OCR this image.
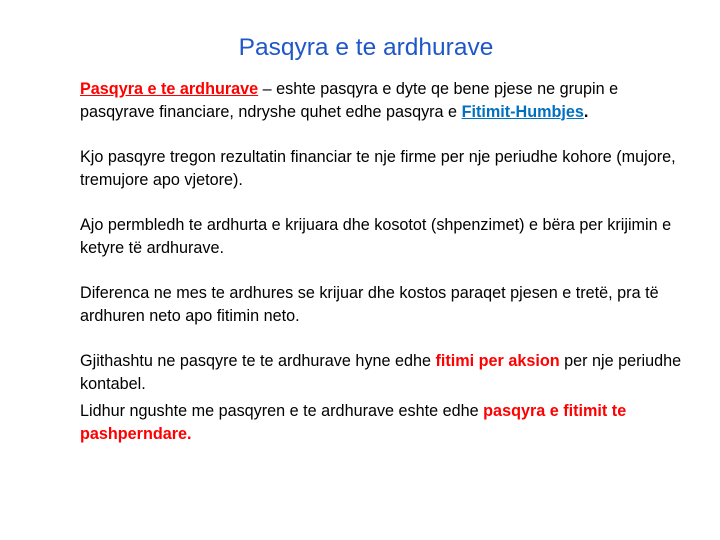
Pasqyra e te ardhurave

Pasqyra e te ardhurave – eshte pasqyra e dyte qe bene pjese ne grupin e pasqyrave financiare, ndryshe quhet edhe pasqyra e Fitimit-Humbjes.

Kjo pasqyre tregon rezultatin financiar te nje firme per nje periudhe kohore (mujore, tremujore apo vjetore).

Ajo permbledh te ardhurta e krijuara dhe kosotot (shpenzimet) e bëra per krijimin e ketyre të ardhurave.

Diferenca ne mes te ardhures se krijuar dhe kostos paraqet pjesen e tretë, pra të ardhuren neto apo fitimin neto.

Gjithashtu ne pasqyre te te ardhurave hyne edhe fitimi per aksion per nje periudhe kontabel.

Lidhur ngushte me pasqyren e te ardhurave eshte edhe pasqyra e fitimit te pashperndare.
